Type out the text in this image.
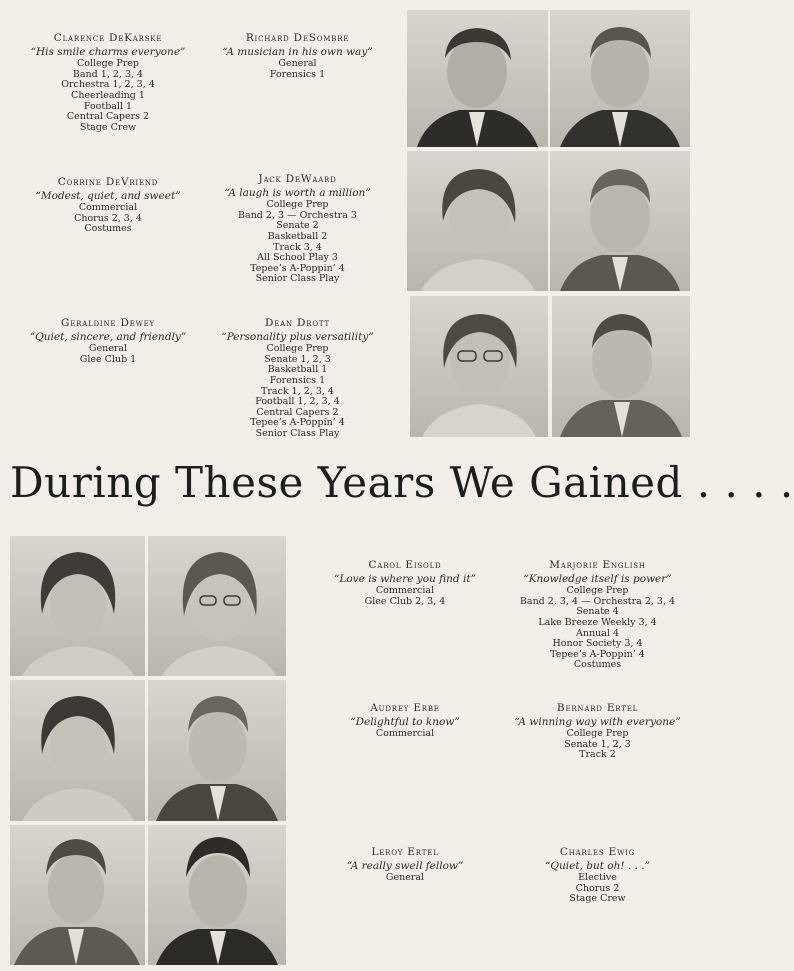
Clarence DeKarske
“His smile charms everyone”
College Prep
Band 1, 2, 3, 4
Orchestra 1, 2, 3, 4
Cheerleading 1
Football 1
Central Capers 2
Stage Crew
Richard DeSombre
“A musician in his own way”
General
Forensics 1
Corrine DeVriend
“Modest, quiet, and sweet”
Commercial
Chorus 2, 3, 4
Costumes
Jack DeWaard
“A laugh is worth a million”
College Prep
Band 2, 3 — Orchestra 3
Senate 2
Basketball 2
Track 3, 4
All School Play 3
Tepee’s A-Poppin’ 4
Senior Class Play
Geraldine Dewey
“Quiet, sincere, and friendly”
General
Glee Club 1
Dean Drott
“Personality plus versatility”
College Prep
Senate 1, 2, 3
Basketball 1
Forensics 1
Track 1, 2, 3, 4
Football 1, 2, 3, 4
Central Capers 2
Tepee’s A-Poppin’ 4
Senior Class Play
During These Years We Gained . . . .
Carol Eisold
“Love is where you find it”
Commercial
Glee Club 2, 3, 4
Marjorie English
“Knowledge itself is power”
College Prep
Band 2, 3, 4 — Orchestra 2, 3, 4
Senate 4
Lake Breeze Weekly 3, 4
Annual 4
Honor Society 3, 4
Tepee’s A-Poppin’ 4
Costumes
Audrey Erbe
“Delightful to know”
Commercial
Bernard Ertel
“A winning way with everyone”
College Prep
Senate 1, 2, 3
Track 2
Leroy Ertel
“A really swell fellow”
General
Charles Ewig
“Quiet, but oh! . . .”
Elective
Chorus 2
Stage Crew
